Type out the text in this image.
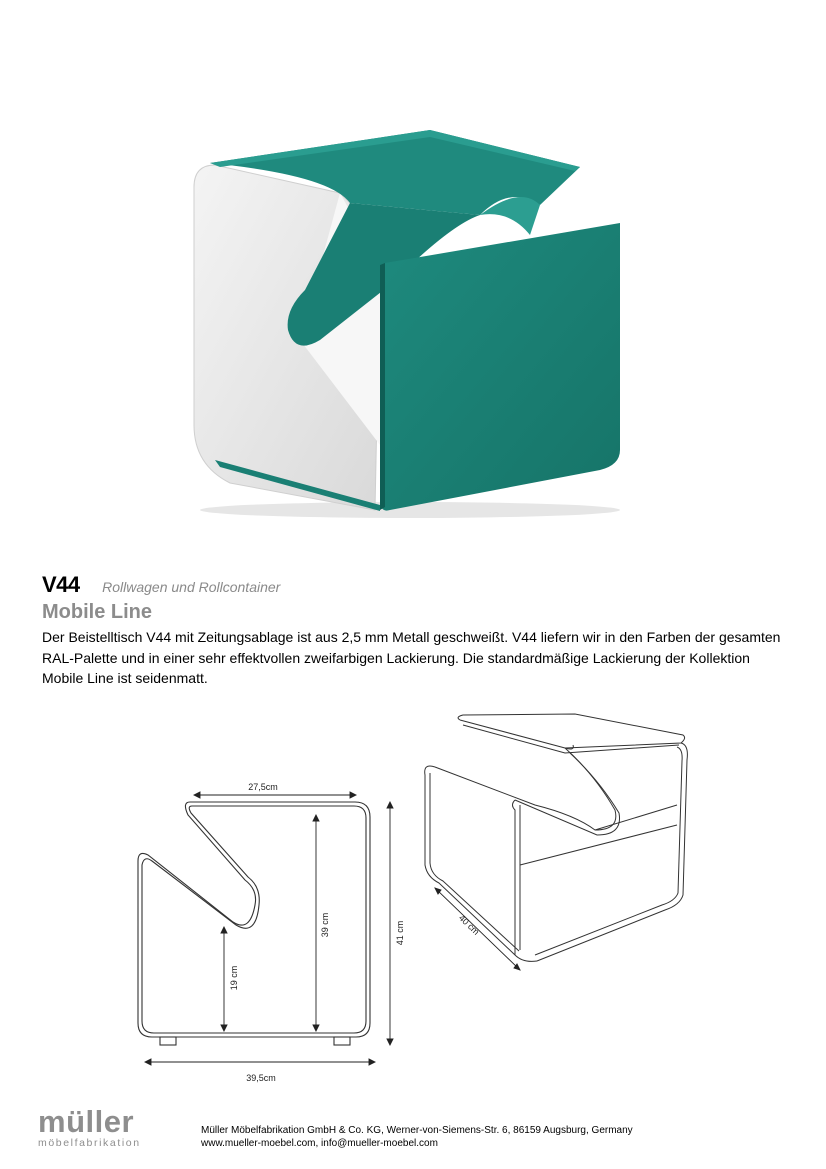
V44 Rollwagen und Rollcontainer
Mobile Line
Der Beistelltisch V44 mit Zeitungsablage ist aus 2,5 mm Metall geschweißt. V44 liefern wir in den Farben der gesamten RAL-Palette und in einer sehr effektvollen zweifarbigen Lackierung. Die standardmäßige Lackierung der Kollektion Mobile Line ist seidenmatt.
27,5cm
39,5cm
19 cm
39 cm	41 cm	40 cm
müller
möbelfabrikation
Müller Möbelfabrikation GmbH & Co. KG, Werner-von-Siemens-Str. 6, 86159 Augsburg, Germany
www.mueller-moebel.com, info@mueller-moebel.com
